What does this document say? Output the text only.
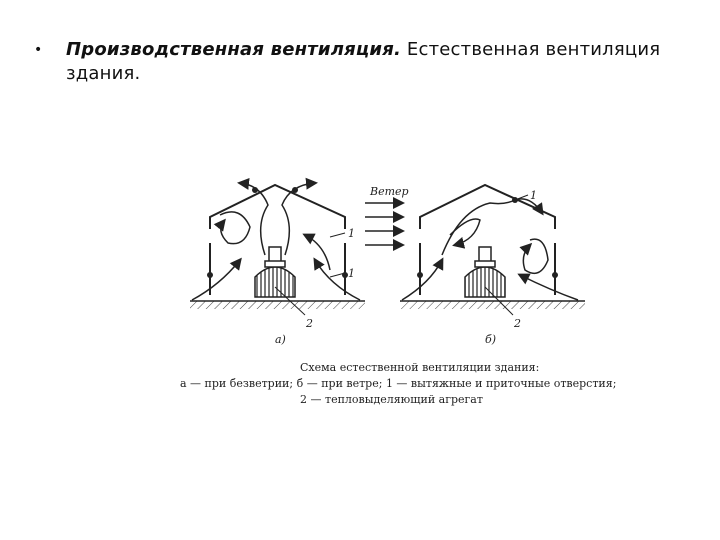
• Производственная вентиляция. Естественная вентиляция здания.
Ветер
1
1
1
2	2
а)	б)
Схема естественной вентиляции здания:
а — при безветрии; б — при ветре; 1 — вытяжные и приточные отверстия;
2 — тепловыделяющий агрегат
